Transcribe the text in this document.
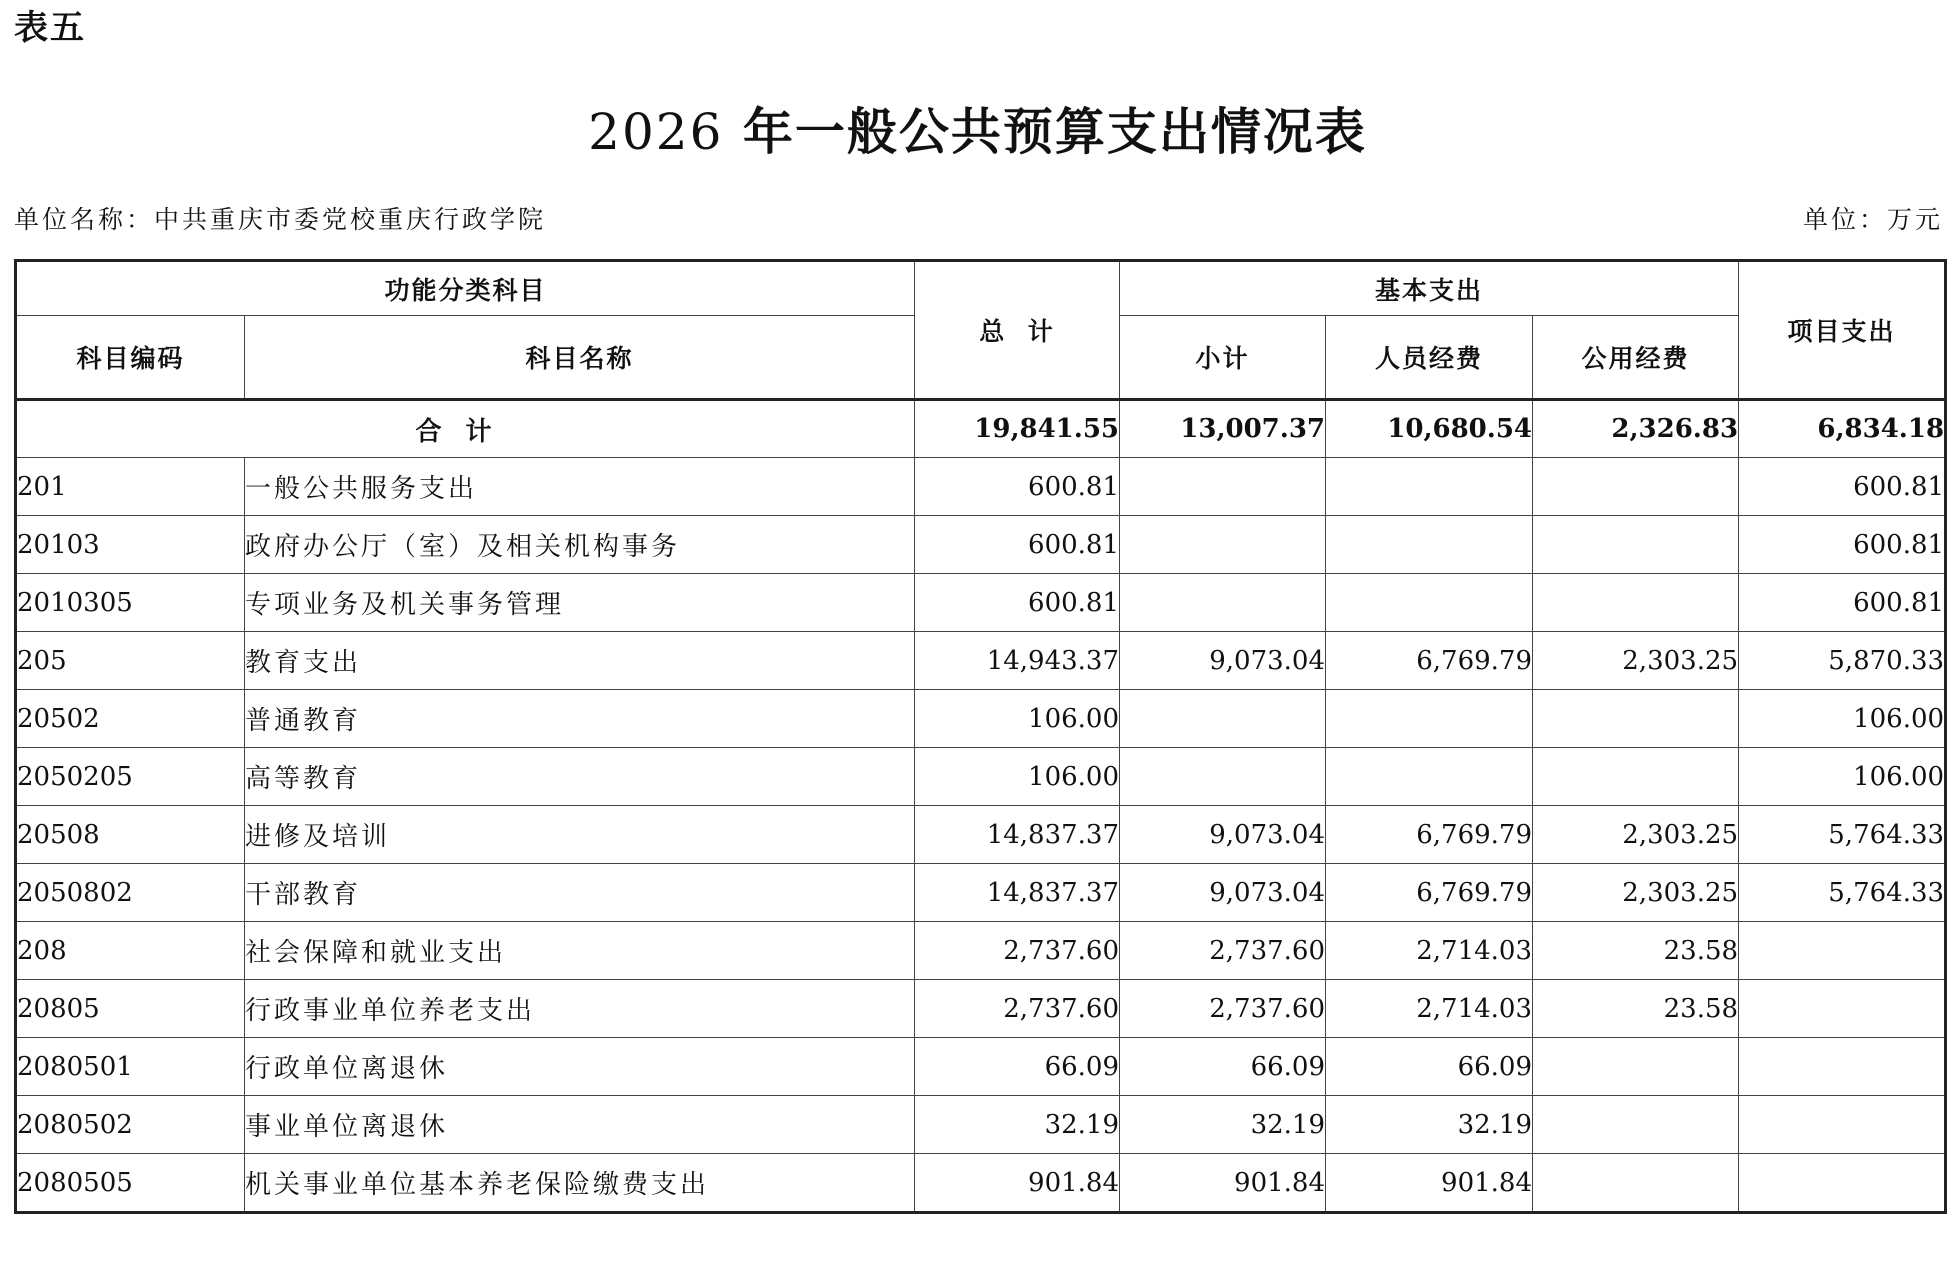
表五
2026 年一般公共预算支出情况表
单位名称：中共重庆市委党校重庆行政学院	单位：万元
功能分类科目		总  计	基本支出			项目支出
科目编码	科目名称					
			小计	人员经费	公用经费	
合计		19,841.55	13,007.37	10,680.54	2,326.83	6,834.18
201	一般公共服务支出	600.81				600.81
20103	政府办公厅（室）及相关机构事务	600.81				600.81
2010305	专项业务及机关事务管理	600.81				600.81
205	教育支出	14,943.37	9,073.04	6,769.79	2,303.25	5,870.33
20502	普通教育	106.00				106.00
2050205	高等教育	106.00				106.00
20508	进修及培训	14,837.37	9,073.04	6,769.79	2,303.25	5,764.33
2050802	干部教育	14,837.37	9,073.04	6,769.79	2,303.25	5,764.33
208	社会保障和就业支出	2,737.60	2,737.60	2,714.03	23.58	
20805	行政事业单位养老支出	2,737.60	2,737.60	2,714.03	23.58	
2080501	行政单位离退休	66.09	66.09	66.09		
2080502	事业单位离退休	32.19	32.19	32.19		
2080505	机关事业单位基本养老保险缴费支出	901.84	901.84	901.84		
